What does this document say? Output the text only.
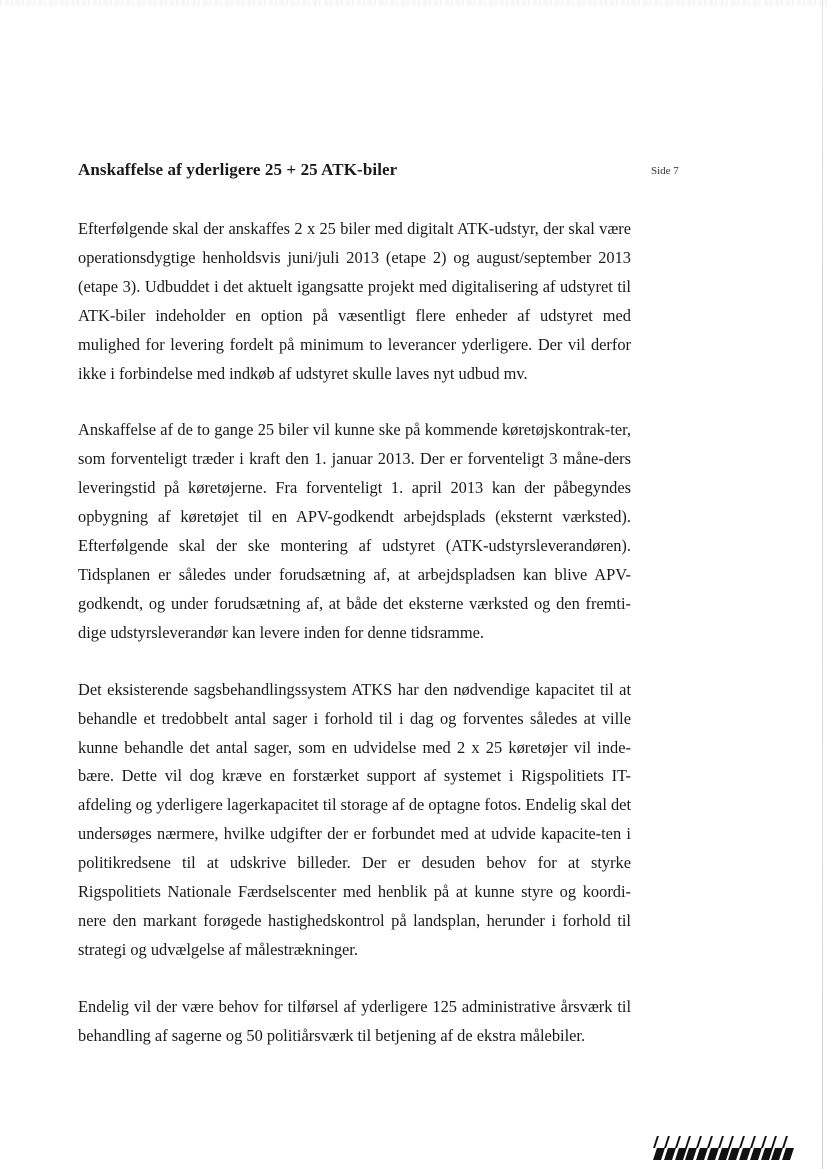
Anskaffelse af yderligere 25 + 25 ATK-biler	Side 7

Efterfølgende skal der anskaffes 2 x 25 biler med digitalt ATK-udstyr, der skal være operationsdygtige henholdsvis juni/juli 2013 (etape 2) og august/september 2013 (etape 3). Udbuddet i det aktuelt igangsatte projekt med digitalisering af udstyret til ATK-biler indeholder en option på væsentligt flere enheder af udstyret med mulighed for levering fordelt på minimum to leverancer yderligere. Der vil derfor ikke i forbindelse med indkøb af udstyret skulle laves nyt udbud mv.

Anskaffelse af de to gange 25 biler vil kunne ske på kommende køretøjskontrak-ter, som forventeligt træder i kraft den 1. januar 2013. Der er forventeligt 3 måne-ders leveringstid på køretøjerne. Fra forventeligt 1. april 2013 kan der påbegyndes opbygning af køretøjet til en APV-godkendt arbejdsplads (eksternt værksted). Efterfølgende skal der ske montering af udstyret (ATK-udstyrsleverandøren). Tidsplanen er således under forudsætning af, at arbejdspladsen kan blive APV-godkendt, og under forudsætning af, at både det eksterne værksted og den fremti-dige udstyrsleverandør kan levere inden for denne tidsramme.

Det eksisterende sagsbehandlingssystem ATKS har den nødvendige kapacitet til at behandle et tredobbelt antal sager i forhold til i dag og forventes således at ville kunne behandle det antal sager, som en udvidelse med 2 x 25 køretøjer vil inde-bære. Dette vil dog kræve en forstærket support af systemet i Rigspolitiets IT-afdeling og yderligere lagerkapacitet til storage af de optagne fotos. Endelig skal det undersøges nærmere, hvilke udgifter der er forbundet med at udvide kapacite-ten i politikredsene til at udskrive billeder. Der er desuden behov for at styrke Rigspolitiets Nationale Færdselscenter med henblik på at kunne styre og koordi-nere den markant forøgede hastighedskontrol på landsplan, herunder i forhold til strategi og udvælgelse af målestrækninger.

Endelig vil der være behov for tilførsel af yderligere 125 administrative årsværk til behandling af sagerne og 50 politiårsværk til betjening af de ekstra målebiler.
